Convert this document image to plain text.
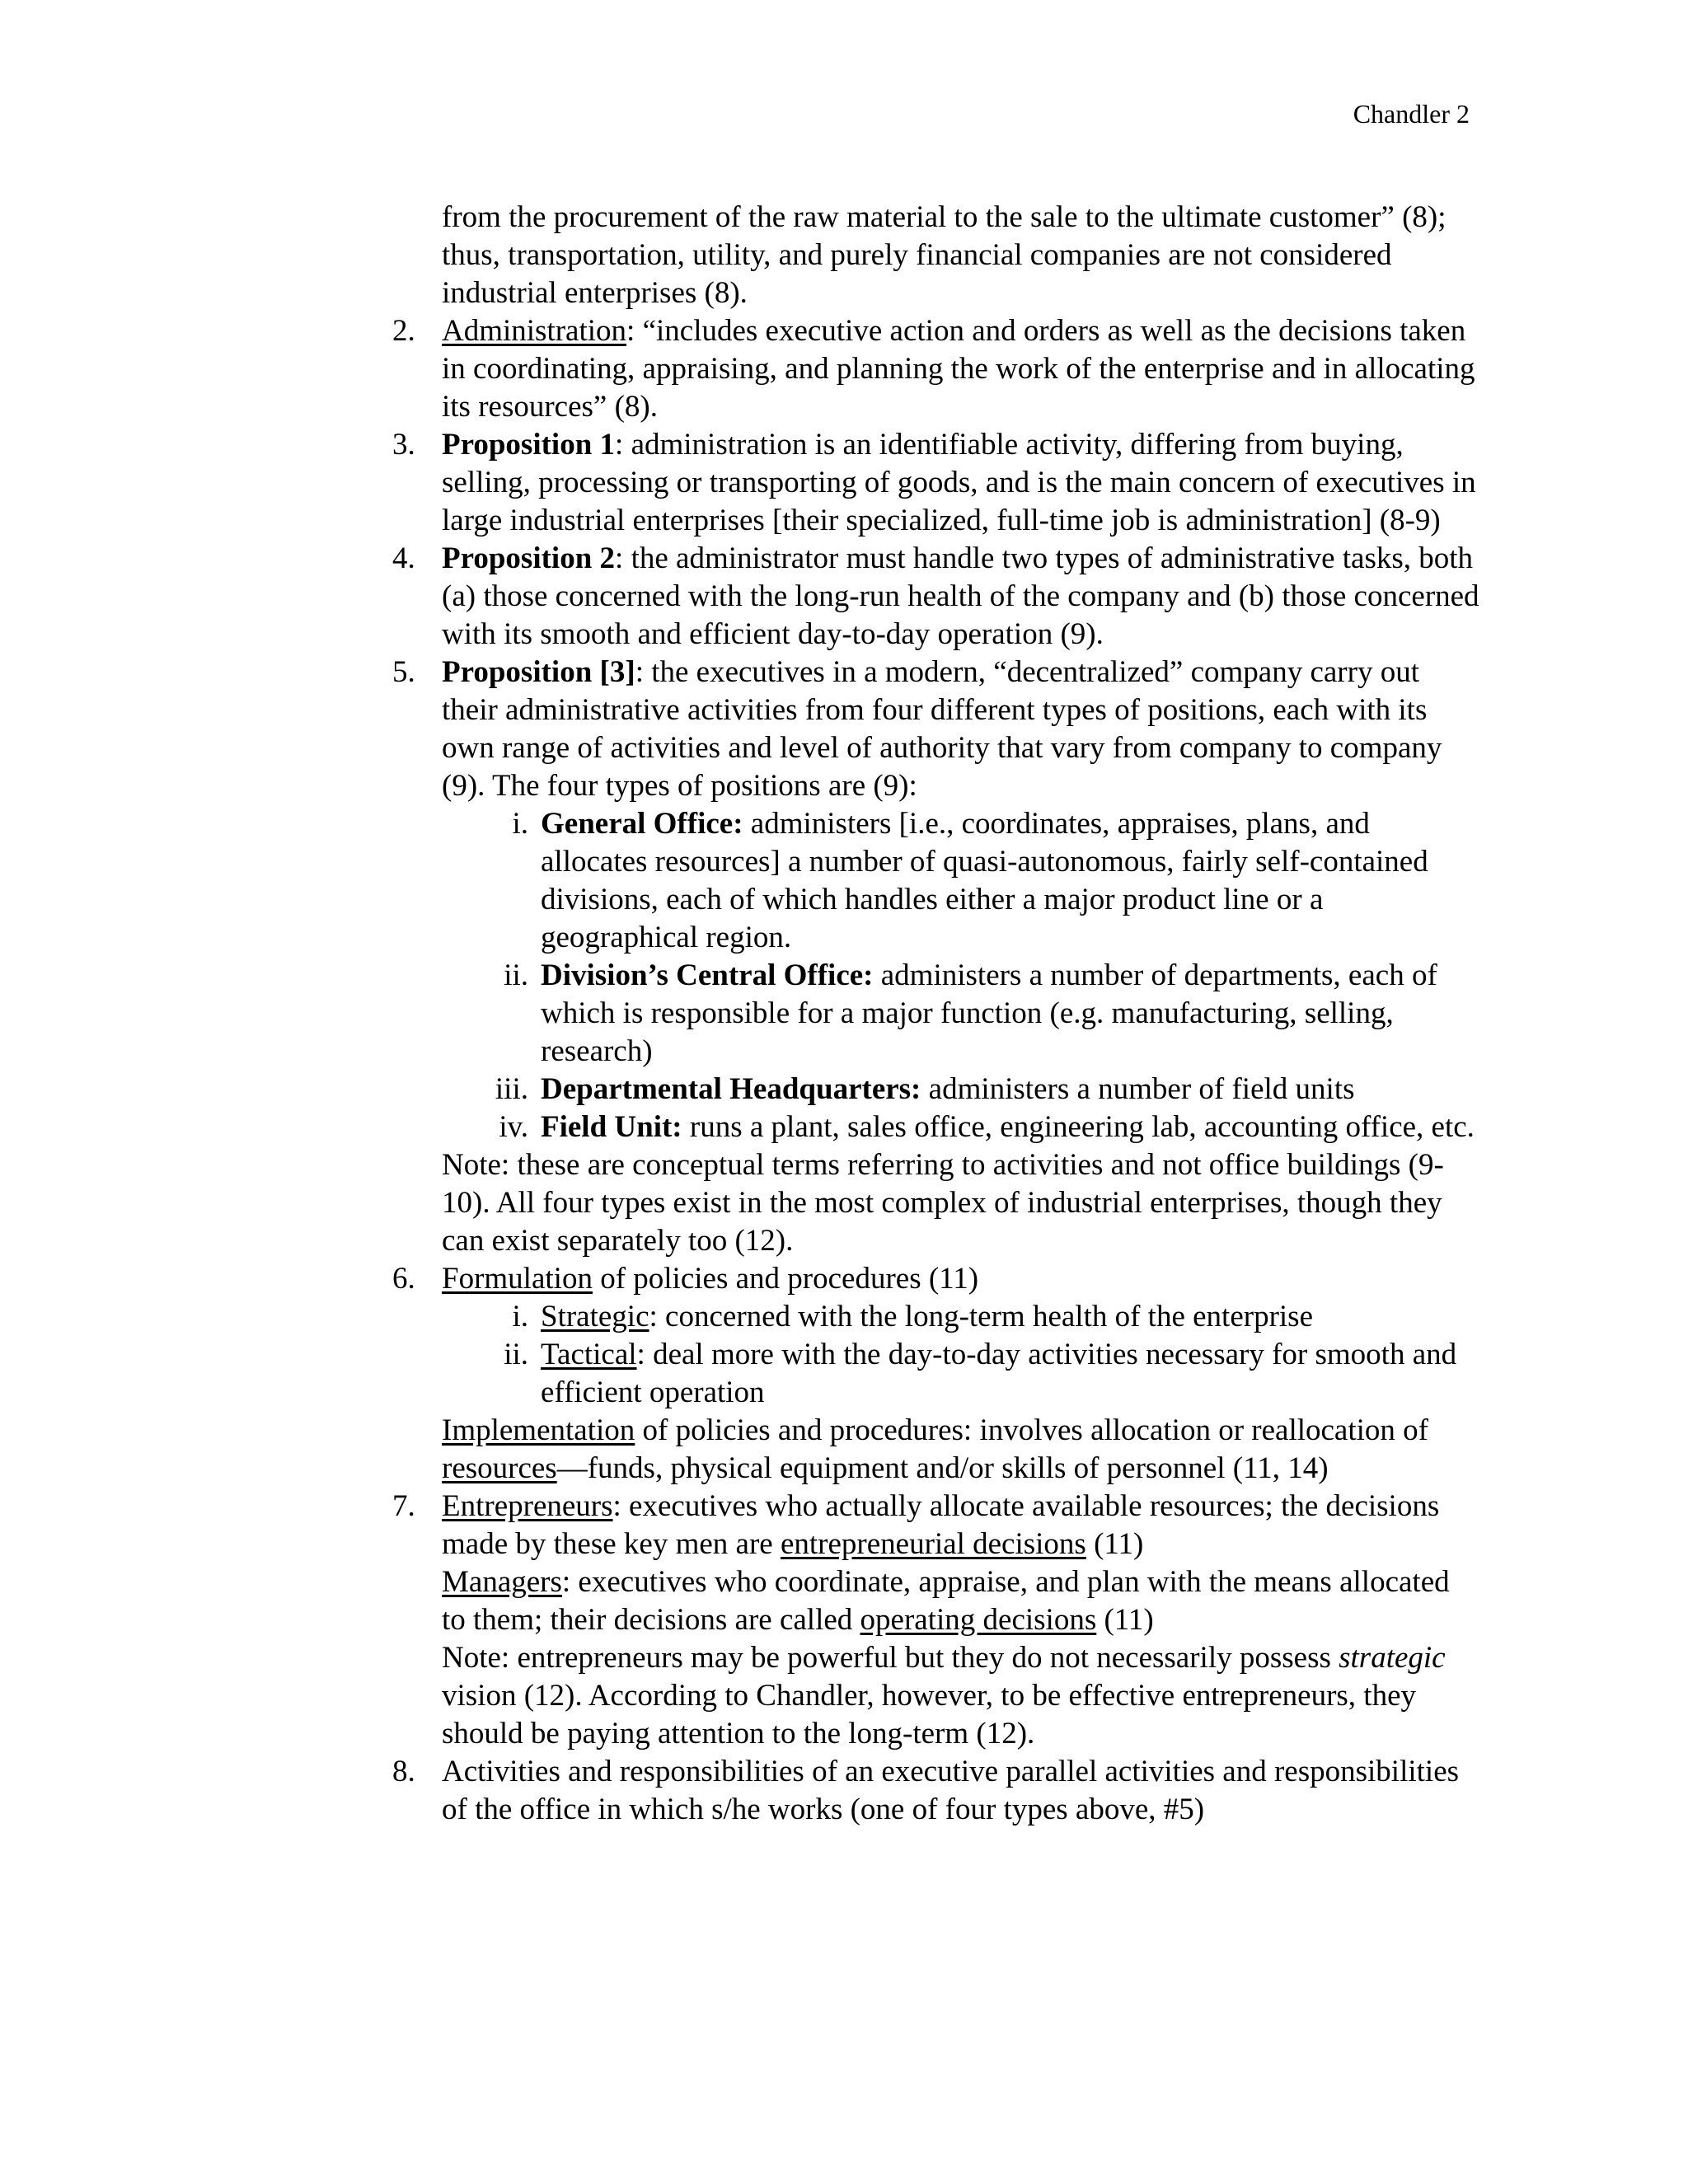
Chandler 2

from the procurement of the raw material to the sale to the ultimate customer” (8); thus, transportation, utility, and purely financial companies are not considered industrial enterprises (8).

2. Administration: “includes executive action and orders as well as the decisions taken in coordinating, appraising, and planning the work of the enterprise and in allocating its resources” (8).

3. Proposition 1: administration is an identifiable activity, differing from buying, selling, processing or transporting of goods, and is the main concern of executives in large industrial enterprises [their specialized, full-time job is administration] (8-9)

4. Proposition 2: the administrator must handle two types of administrative tasks, both (a) those concerned with the long-run health of the company and (b) those concerned with its smooth and efficient day-to-day operation (9).

5. Proposition [3]: the executives in a modern, “decentralized” company carry out their administrative activities from four different types of positions, each with its own range of activities and level of authority that vary from company to company (9). The four types of positions are (9):

i. General Office: administers [i.e., coordinates, appraises, plans, and allocates resources] a number of quasi-autonomous, fairly self-contained divisions, each of which handles either a major product line or a geographical region.

ii. Division’s Central Office: administers a number of departments, each of which is responsible for a major function (e.g. manufacturing, selling, research)

iii. Departmental Headquarters: administers a number of field units

iv. Field Unit: runs a plant, sales office, engineering lab, accounting office, etc.

Note: these are conceptual terms referring to activities and not office buildings (9-10). All four types exist in the most complex of industrial enterprises, though they can exist separately too (12).

6. Formulation of policies and procedures (11)

i. Strategic: concerned with the long-term health of the enterprise

ii. Tactical: deal more with the day-to-day activities necessary for smooth and efficient operation

Implementation of policies and procedures: involves allocation or reallocation of resources—funds, physical equipment and/or skills of personnel (11, 14)

7. Entrepreneurs: executives who actually allocate available resources; the decisions made by these key men are entrepreneurial decisions (11)

Managers: executives who coordinate, appraise, and plan with the means allocated to them; their decisions are called operating decisions (11)

Note: entrepreneurs may be powerful but they do not necessarily possess strategic vision (12). According to Chandler, however, to be effective entrepreneurs, they should be paying attention to the long-term (12).

8. Activities and responsibilities of an executive parallel activities and responsibilities of the office in which s/he works (one of four types above, #5)
